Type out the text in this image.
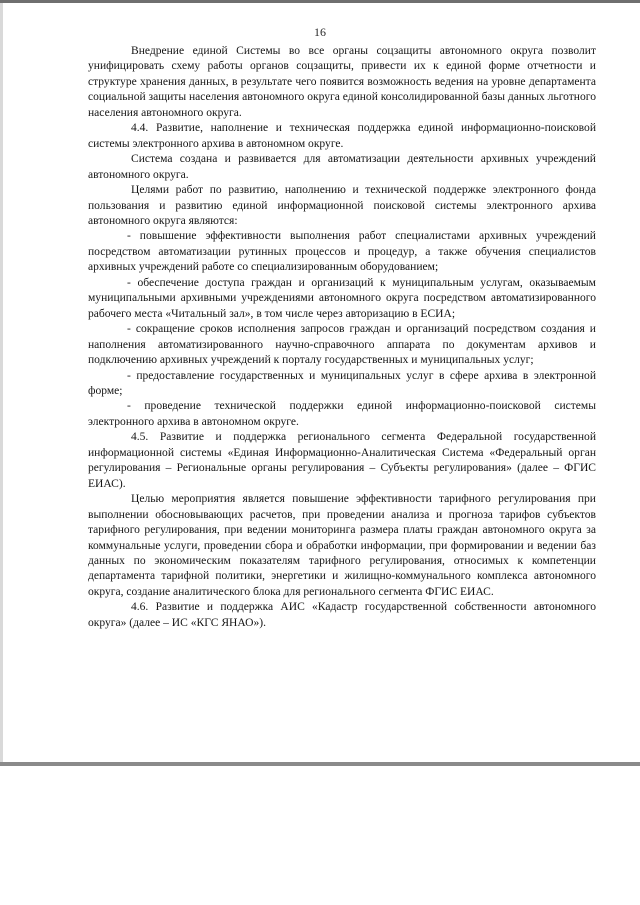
16

Внедрение единой Системы во все органы соцзащиты автономного округа позволит унифицировать схему работы органов соцзащиты, привести их к единой форме отчетности и структуре хранения данных, в результате чего появится возможность ведения на уровне департамента социальной защиты населения автономного округа единой консолидированной базы данных льготного населения автономного округа.

4.4. Развитие, наполнение и техническая поддержка единой информационно-поисковой системы электронного архива в автономном округе.

Система создана и развивается для автоматизации деятельности архивных учреждений автономного округа.

Целями работ по развитию, наполнению и технической поддержке электронного фонда пользования и развитию единой информационной поисковой системы электронного архива автономного округа являются:

- повышение эффективности выполнения работ специалистами архивных учреждений посредством автоматизации рутинных процессов и процедур, а также обучения специалистов архивных учреждений работе со специализированным оборудованием;

- обеспечение доступа граждан и организаций к муниципальным услугам, оказываемым муниципальными архивными учреждениями автономного округа посредством автоматизированного рабочего места «Читальный зал», в том числе через авторизацию в ЕСИА;

- сокращение сроков исполнения запросов граждан и организаций посредством создания и наполнения автоматизированного научно-справочного аппарата по документам архивов и подключению архивных учреждений к порталу государственных и муниципальных услуг;

- предоставление государственных и муниципальных услуг в сфере архива в электронной форме;

- проведение технической поддержки единой информационно-поисковой системы электронного архива в автономном округе.

4.5. Развитие и поддержка регионального сегмента Федеральной государственной информационной системы «Единая Информационно-Аналитическая Система «Федеральный орган регулирования – Региональные органы регулирования – Субъекты регулирования» (далее – ФГИС ЕИАС).

Целью мероприятия является повышение эффективности тарифного регулирования при выполнении обосновывающих расчетов, при проведении анализа и прогноза тарифов субъектов тарифного регулирования, при ведении мониторинга размера платы граждан автономного округа за коммунальные услуги, проведении сбора и обработки информации, при формировании и ведении баз данных по экономическим показателям тарифного регулирования, относимых к компетенции департамента тарифной политики, энергетики и жилищно-коммунального комплекса автономного округа, создание аналитического блока для регионального сегмента ФГИС ЕИАС.

4.6. Развитие и поддержка АИС «Кадастр государственной собственности автономного округа» (далее – ИС «КГС ЯНАО»).
